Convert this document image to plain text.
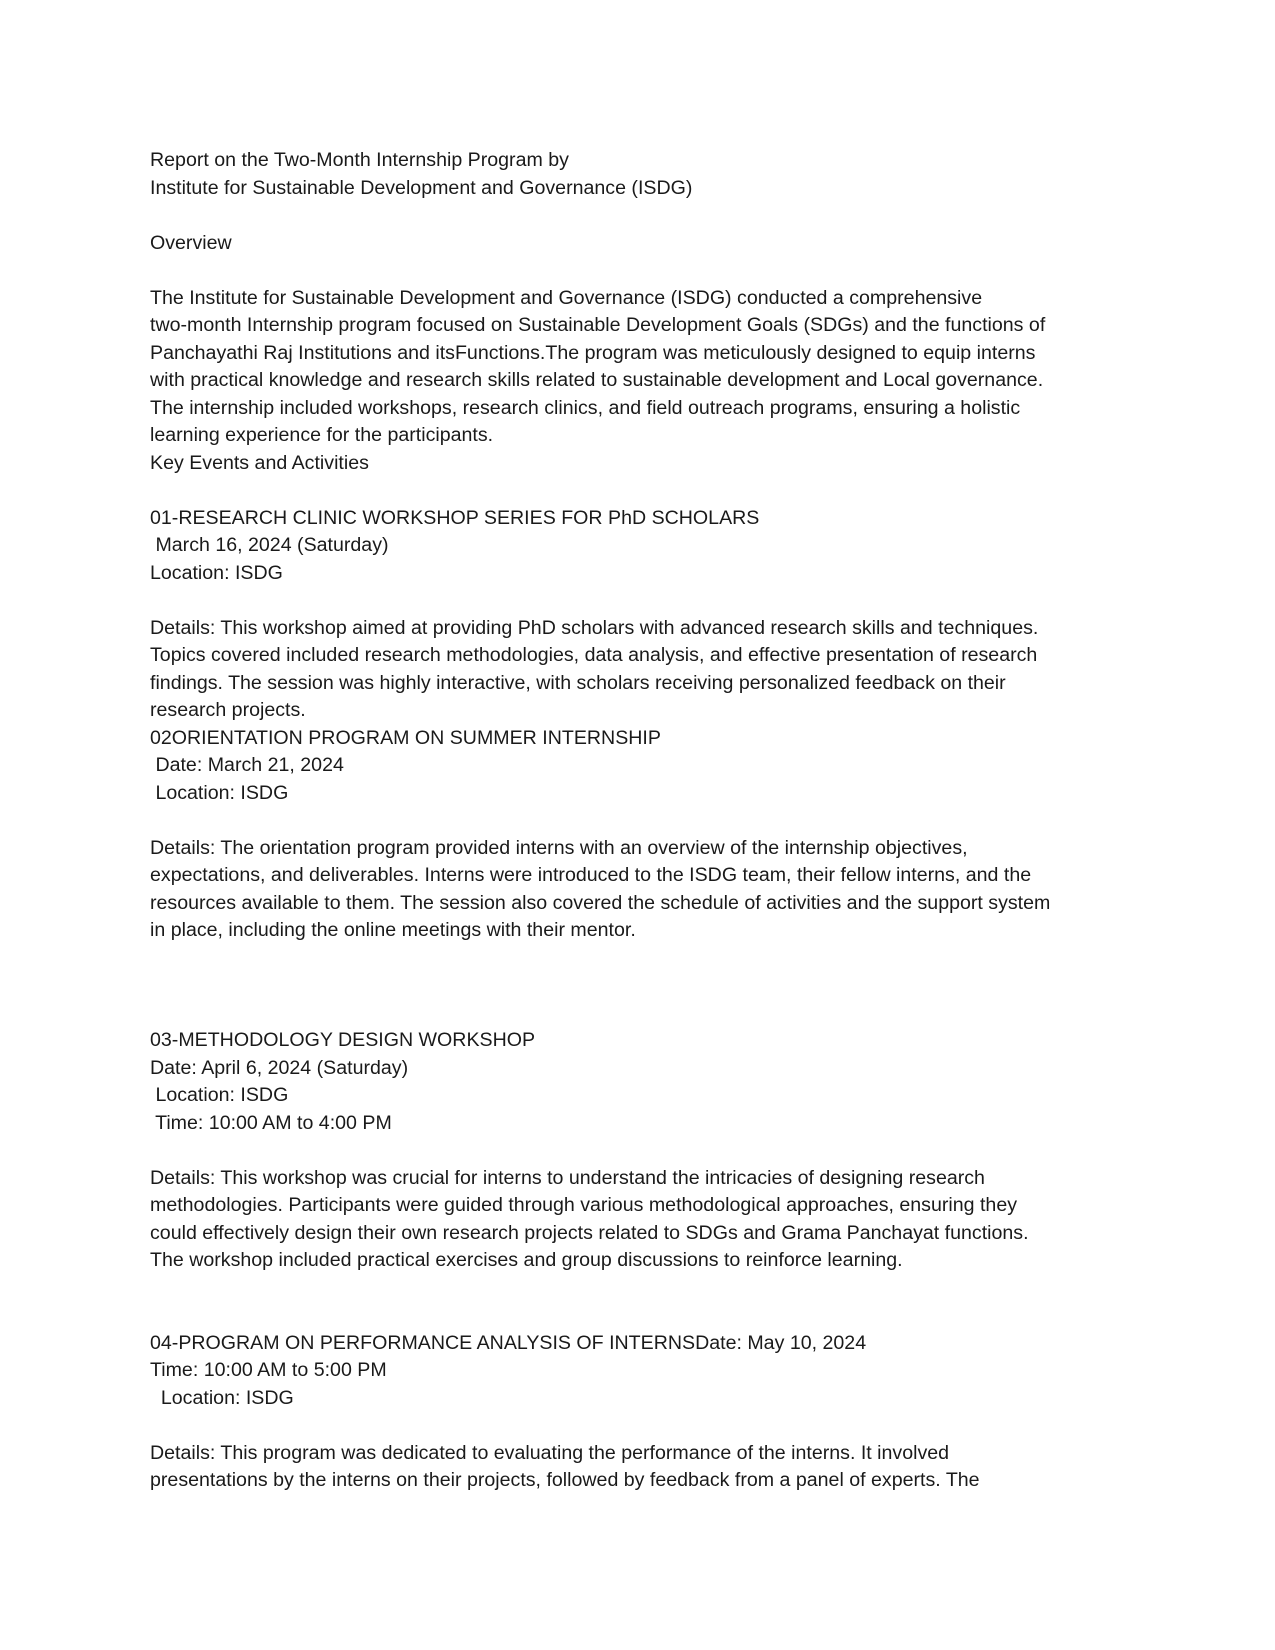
Report on the Two-Month Internship Program by
Institute for Sustainable Development and Governance (ISDG)
Overview
The Institute for Sustainable Development and Governance (ISDG) conducted a comprehensive
two-month Internship program focused on Sustainable Development Goals (SDGs) and the functions of
Panchayathi Raj Institutions and itsFunctions.The program was meticulously designed to equip interns
with practical knowledge and research skills related to sustainable development and Local governance.
The internship included workshops, research clinics, and field outreach programs, ensuring a holistic
learning experience for the participants.
Key Events and Activities
01-RESEARCH CLINIC WORKSHOP SERIES FOR PhD SCHOLARS
March 16, 2024 (Saturday)
Location: ISDG
Details: This workshop aimed at providing PhD scholars with advanced research skills and techniques.
Topics covered included research methodologies, data analysis, and effective presentation of research
findings. The session was highly interactive, with scholars receiving personalized feedback on their
research projects.
02ORIENTATION PROGRAM ON SUMMER INTERNSHIP
Date: March 21, 2024
Location: ISDG
Details: The orientation program provided interns with an overview of the internship objectives,
expectations, and deliverables. Interns were introduced to the ISDG team, their fellow interns, and the
resources available to them. The session also covered the schedule of activities and the support system
in place, including the online meetings with their mentor.
03-METHODOLOGY DESIGN WORKSHOP
Date: April 6, 2024 (Saturday)
Location: ISDG
Time: 10:00 AM to 4:00 PM
Details: This workshop was crucial for interns to understand the intricacies of designing research
methodologies. Participants were guided through various methodological approaches, ensuring they
could effectively design their own research projects related to SDGs and Grama Panchayat functions.
The workshop included practical exercises and group discussions to reinforce learning.
04-PROGRAM ON PERFORMANCE ANALYSIS OF INTERNSDate: May 10, 2024
Time: 10:00 AM to 5:00 PM
Location: ISDG
Details: This program was dedicated to evaluating the performance of the interns. It involved
presentations by the interns on their projects, followed by feedback from a panel of experts. The
